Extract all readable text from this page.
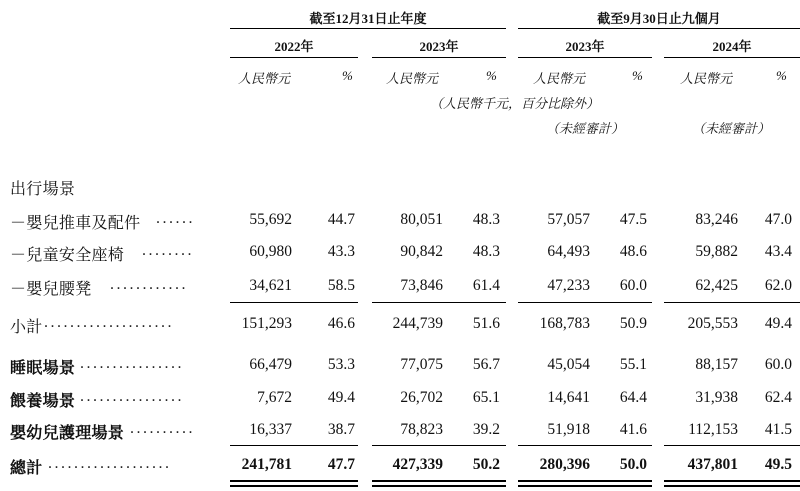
截至12月31日止年度	截至9月30日止九個月
2022年	2023年	2023年	2024年
人民幣元	%	人民幣元	%	人民幣元	%	人民幣元	%
（人民幣千元，百分比除外）
（未經審計）	（未經審計）
出行場景
－嬰兒推車及配件 ......	55,692 44.7	80,051 48.3	57,057 47.5	83,246 47.0
－兒童安全座椅 ........	60,980 43.3	90,842 48.3	64,493 48.6	59,882 43.4
－嬰兒腰凳 ............	34,621 58.5	73,846 61.4	47,233 60.0	62,425 62.0
小計 ....................	151,293 46.6 244,739 51.6	168,783 50.9	205,553 49.4
睡眠場景 ................	66,479 53.3	77,075 56.7	45,054 55.1	88,157 60.0
餵養場景 ................	7,672 49.4	26,702 65.1	14,641 64.4	31,938 62.4
嬰幼兒護理場景 ..........	16,337 38.7	78,823 39.2	51,918 41.6	112,153 41.5
總計 ...................	241,781 47.7 427,339 50.2	280,396 50.0	437,801 49.5
